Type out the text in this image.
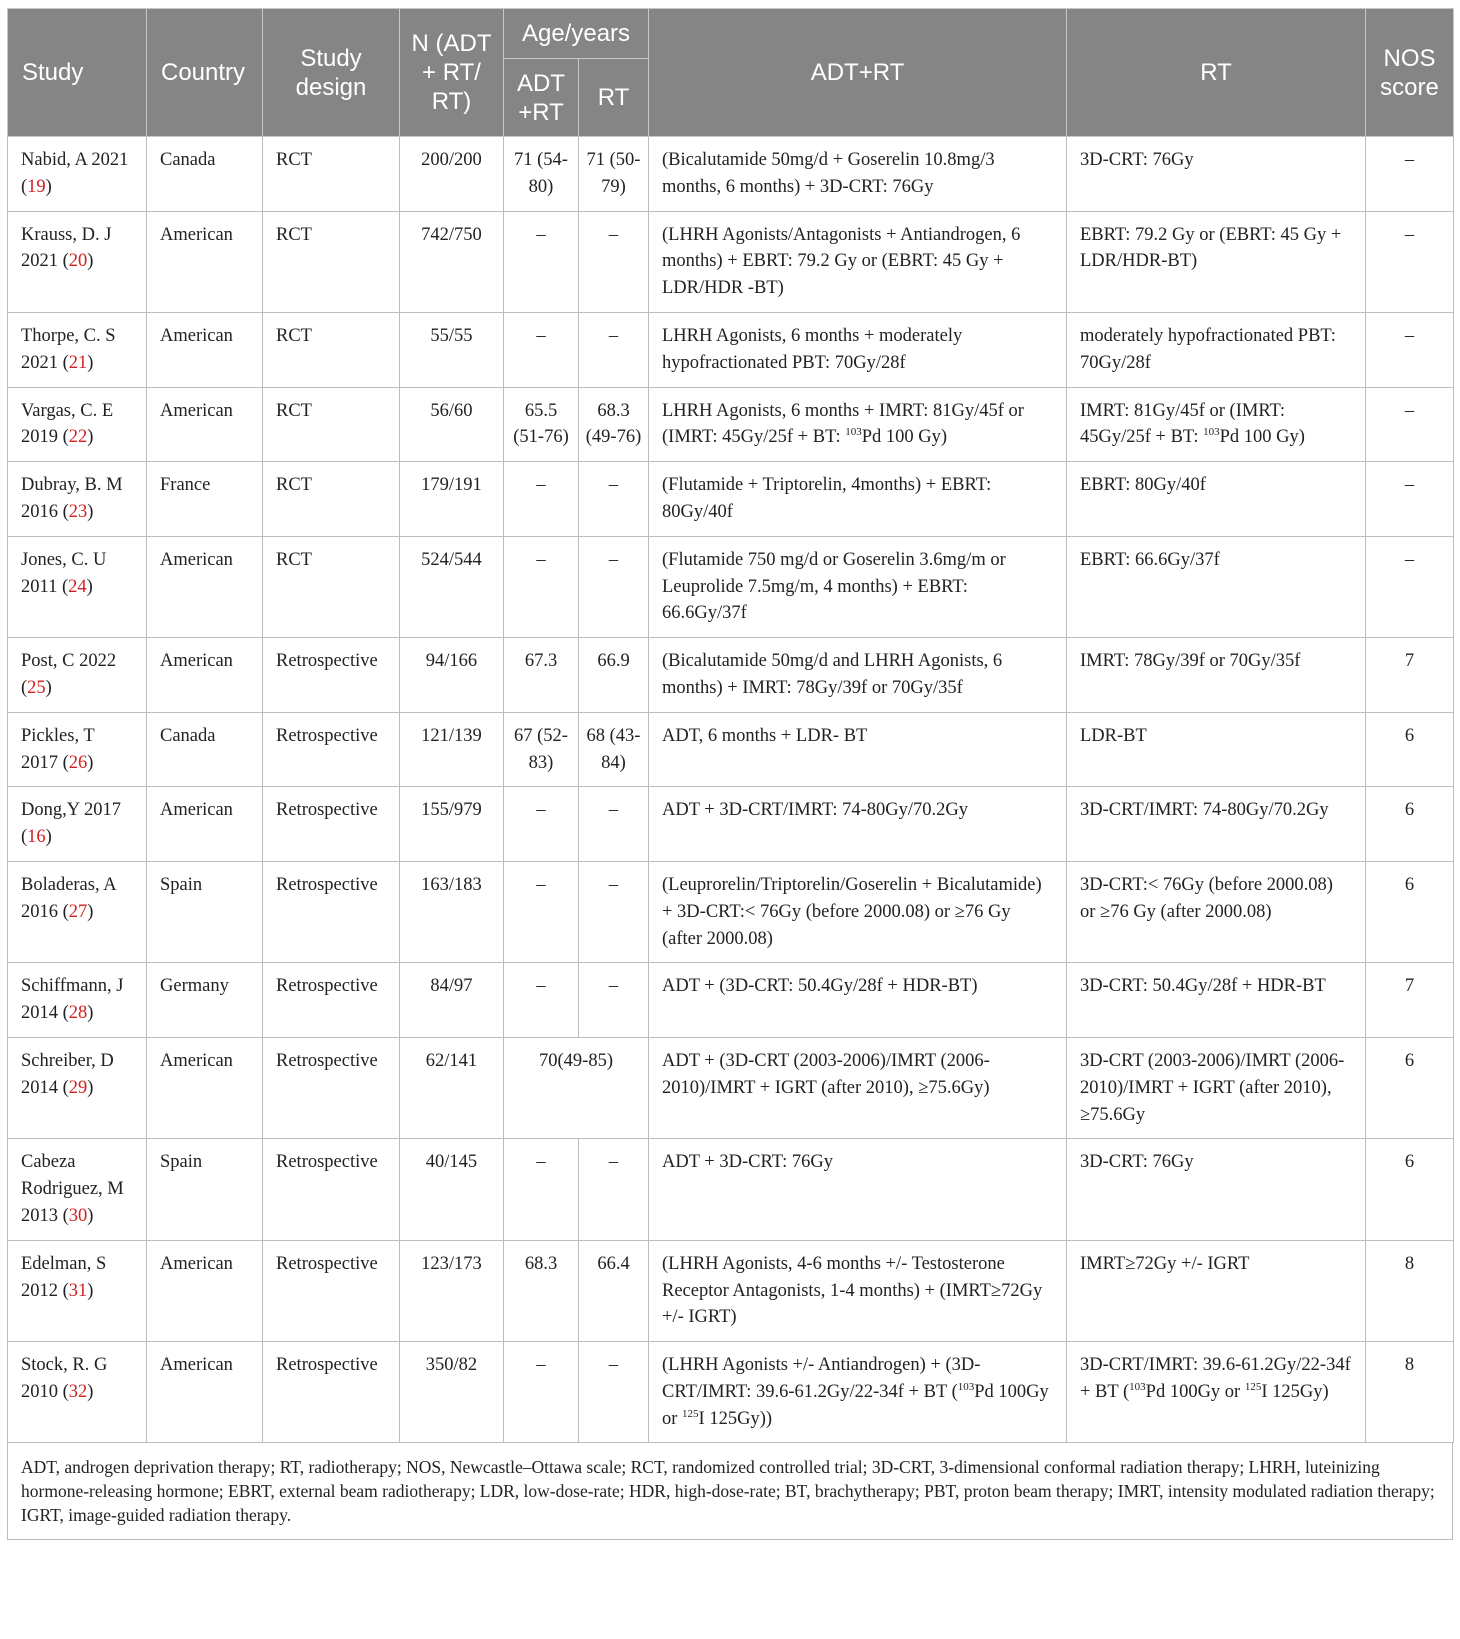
Study	Country	Study design	N (ADT + RT/ RT)	Age/years		ADT+RT	RT	NOS score
				ADT +RT	RT			
Nabid, A 2021 (19)	Canada	RCT	200/200	71 (54-80)	71 (50-79)	(Bicalutamide 50mg/d + Goserelin 10.8mg/3 months, 6 months) + 3D-CRT: 76Gy	3D-CRT: 76Gy	–
Krauss, D. J 2021 (20)	American	RCT	742/750	–	–	(LHRH Agonists/Antagonists + Antiandrogen, 6 months) + EBRT: 79.2 Gy or (EBRT: 45 Gy + LDR/HDR -BT)	EBRT: 79.2 Gy or (EBRT: 45 Gy + LDR/HDR-BT)	–
Thorpe, C. S 2021 (21)	American	RCT	55/55	–	–	LHRH Agonists, 6 months + moderately hypofractionated PBT: 70Gy/28f	moderately hypofractionated PBT: 70Gy/28f	–
Vargas, C. E 2019 (22)	American	RCT	56/60	65.5 (51-76)	68.3 (49-76)	LHRH Agonists, 6 months + IMRT: 81Gy/45f or (IMRT: 45Gy/25f + BT: $^{103}$Pd 100 Gy)	IMRT: 81Gy/45f or (IMRT: 45Gy/25f + BT: $^{103}$Pd 100 Gy)	–
Dubray, B. M 2016 (23)	France	RCT	179/191	–	–	(Flutamide + Triptorelin, 4months) + EBRT: 80Gy/40f	EBRT: 80Gy/40f	–
Jones, C. U 2011 (24)	American	RCT	524/544	–	–	(Flutamide 750 mg/d or Goserelin 3.6mg/m or Leuprolide 7.5mg/m, 4 months) + EBRT: 66.6Gy/37f	EBRT: 66.6Gy/37f	–
Post, C 2022 (25)	American	Retrospective	94/166	67.3	66.9	(Bicalutamide 50mg/d and LHRH Agonists, 6 months) + IMRT: 78Gy/39f or 70Gy/35f	IMRT: 78Gy/39f or 70Gy/35f	7
Pickles, T 2017 (26)	Canada	Retrospective	121/139	67 (52-83)	68 (43-84)	ADT, 6 months + LDR- BT	LDR-BT	6
Dong,Y 2017 (16)	American	Retrospective	155/979	–	–	ADT + 3D-CRT/IMRT: 74-80Gy/70.2Gy	3D-CRT/IMRT: 74-80Gy/70.2Gy	6
Boladeras, A 2016 (27)	Spain	Retrospective	163/183	–	–	(Leuprorelin/Triptorelin/Goserelin + Bicalutamide) + 3D-CRT:< 76Gy (before 2000.08) or ≥76 Gy (after 2000.08)	3D-CRT:< 76Gy (before 2000.08) or ≥76 Gy (after 2000.08)	6
Schiffmann, J 2014 (28)	Germany	Retrospective	84/97	–	–	ADT + (3D-CRT: 50.4Gy/28f + HDR-BT)	3D-CRT: 50.4Gy/28f + HDR-BT	7
Schreiber, D 2014 (29)	American	Retrospective	62/141	70(49-85)		ADT + (3D-CRT (2003-2006)/IMRT (2006-2010)/IMRT + IGRT (after 2010), ≥75.6Gy)	3D-CRT (2003-2006)/IMRT (2006-2010)/IMRT + IGRT (after 2010), ≥75.6Gy	6
Cabeza Rodriguez, M 2013 (30)	Spain	Retrospective	40/145	–	–	ADT + 3D-CRT: 76Gy	3D-CRT: 76Gy	6
Edelman, S 2012 (31)	American	Retrospective	123/173	68.3	66.4	(LHRH Agonists, 4-6 months +/- Testosterone Receptor Antagonists, 1-4 months) + (IMRT≥72Gy +/- IGRT)	IMRT≥72Gy +/- IGRT	8
Stock, R. G 2010 (32)	American	Retrospective	350/82	–	–	(LHRH Agonists +/- Antiandrogen) + (3D-CRT/IMRT: 39.6-61.2Gy/22-34f + BT ($^{103}$Pd 100Gy or $^{125}$I 125Gy))	3D-CRT/IMRT: 39.6-61.2Gy/22-34f + BT ($^{103}$Pd 100Gy or $^{125}$I 125Gy)	8
ADT, androgen deprivation therapy; RT, radiotherapy; NOS, Newcastle–Ottawa scale; RCT, randomized controlled trial; 3D-CRT, 3-dimensional conformal radiation therapy; LHRH, luteinizing hormone-releasing hormone; EBRT, external beam radiotherapy; LDR, low-dose-rate; HDR, high-dose-rate; BT, brachytherapy; PBT, proton beam therapy; IMRT, intensity modulated radiation therapy; IGRT, image-guided radiation therapy.
